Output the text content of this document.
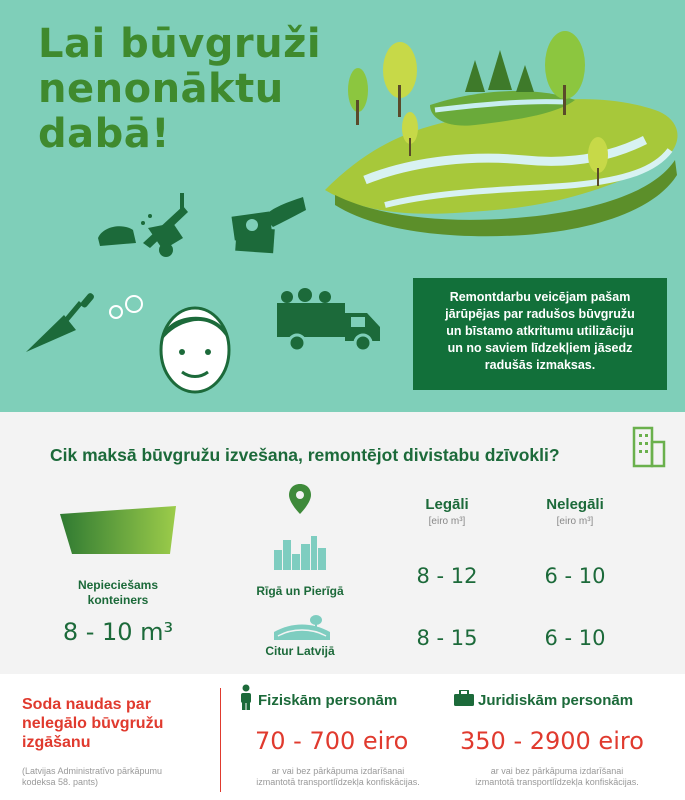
Lai būvgruži
nenonāktu
dabā!
Remontdarbu veicējam pašam
jārūpējas par radušos būvgružu
un bīstamo atkritumu utilizāciju
un no saviem līdzekļiem jāsedz
radušās izmaksas.
Cik maksā būvgružu izvešana, remontējot divistabu dzīvokli?
Nepieciešams
konteiners
8 - 10 m³
Rīgā un Pierīgā
Citur Latvijā
Legāli
[eiro m³]
Nelegāli
[eiro m³]
8 - 12	6 - 10
8 - 15	6 - 10
Soda naudas par
nelegālo būvgružu
izgāšanu
(Latvijas Administratīvo pārkāpumu
kodeksa 58. pants)
Fiziskām personām
70 - 700 eiro
ar vai bez pārkāpuma izdarīšanai
izmantotā transportlīdzekļa konfiskācijas.
Juridiskām personām
350 - 2900 eiro
ar vai bez pārkāpuma izdarīšanai
izmantotā transportlīdzekļa konfiskācijas.
